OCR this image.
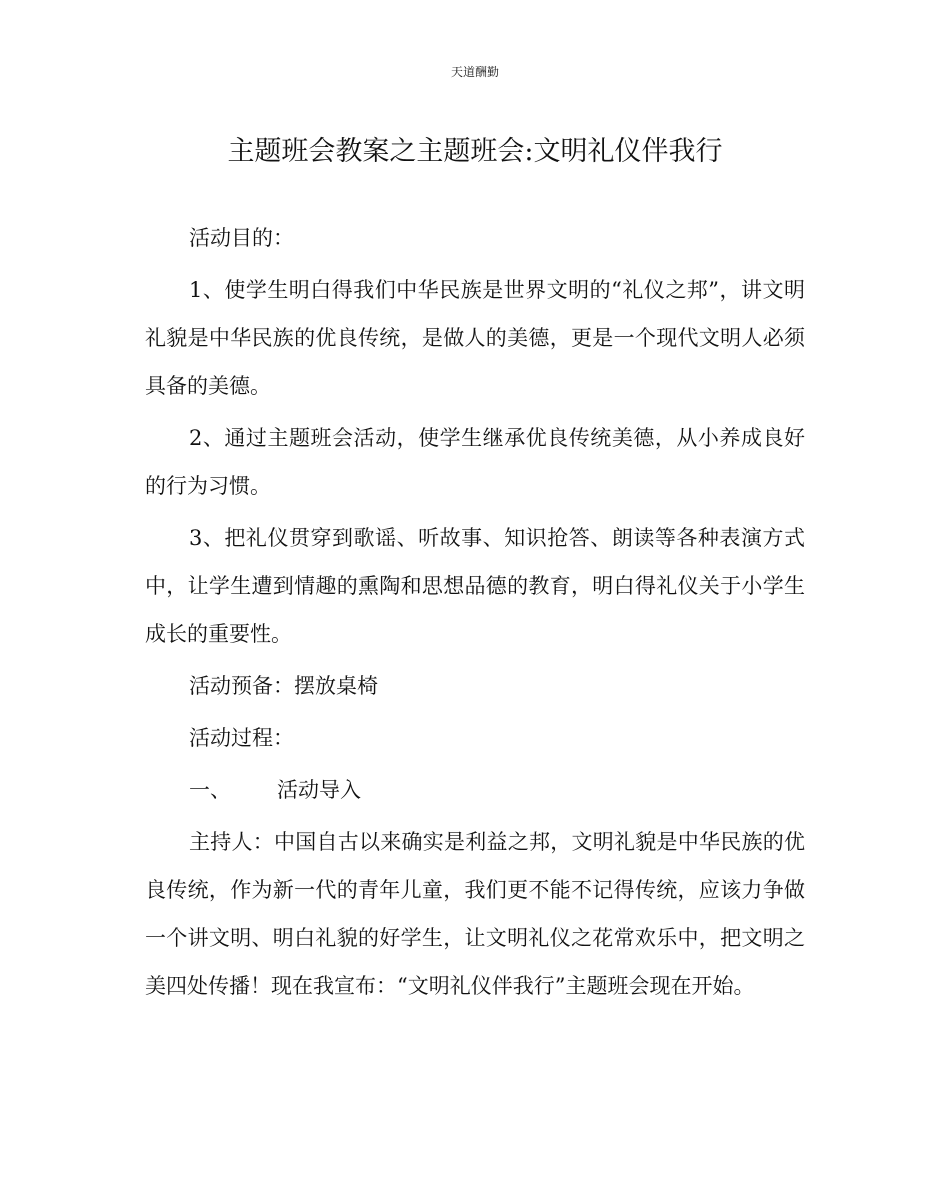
天道酬勤
主题班会教案之主题班会:文明礼仪伴我行

活动目的：

1、使学生明白得我们中华民族是世界文明的“礼仪之邦”，讲文明礼貌是中华民族的优良传统，是做人的美德，更是一个现代文明人必须具备的美德。

2、通过主题班会活动，使学生继承优良传统美德，从小养成良好的行为习惯。

3、把礼仪贯穿到歌谣、听故事、知识抢答、朗读等各种表演方式中，让学生遭到情趣的熏陶和思想品德的教育，明白得礼仪关于小学生成长的重要性。

活动预备：摆放桌椅

活动过程：

一、 活动导入

主持人：中国自古以来确实是利益之邦，文明礼貌是中华民族的优良传统，作为新一代的青年儿童，我们更不能不记得传统，应该力争做一个讲文明、明白礼貌的好学生，让文明礼仪之花常欢乐中，把文明之美四处传播！现在我宣布：“文明礼仪伴我行”主题班会现在开始。
